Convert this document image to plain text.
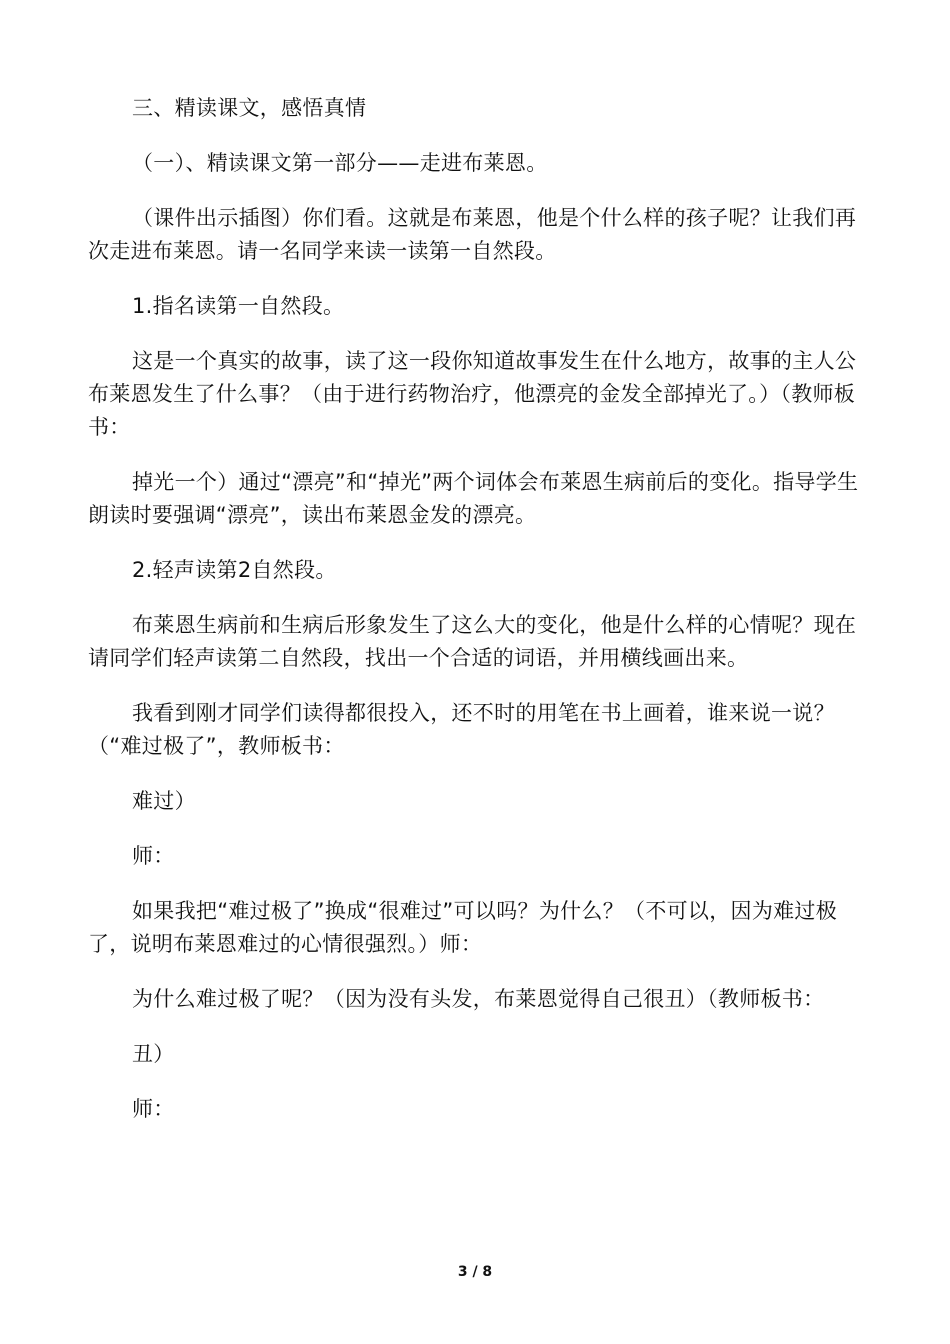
三、精读课文，感悟真情

（一）、精读课文第一部分——走进布莱恩。

（课件出示插图）你们看。这就是布莱恩，他是个什么样的孩子呢？让我们再次走进布莱恩。请一名同学来读一读第一自然段。

1.指名读第一自然段。

这是一个真实的故事，读了这一段你知道故事发生在什么地方，故事的主人公布莱恩发生了什么事？（由于进行药物治疗，他漂亮的金发全部掉光了。）（教师板书：

掉光一个）通过“漂亮”和“掉光”两个词体会布莱恩生病前后的变化。指导学生朗读时要强调“漂亮”，读出布莱恩金发的漂亮。

2.轻声读第2自然段。

布莱恩生病前和生病后形象发生了这么大的变化，他是什么样的心情呢？现在请同学们轻声读第二自然段，找出一个合适的词语，并用横线画出来。

我看到刚才同学们读得都很投入，还不时的用笔在书上画着，谁来说一说？（“难过极了”，教师板书：

难过）

师：

如果我把“难过极了”换成“很难过”可以吗？为什么？（不可以，因为难过极了，说明布莱恩难过的心情很强烈。）师：

为什么难过极了呢？（因为没有头发，布莱恩觉得自己很丑）（教师板书：

丑）

师：

3 / 8
